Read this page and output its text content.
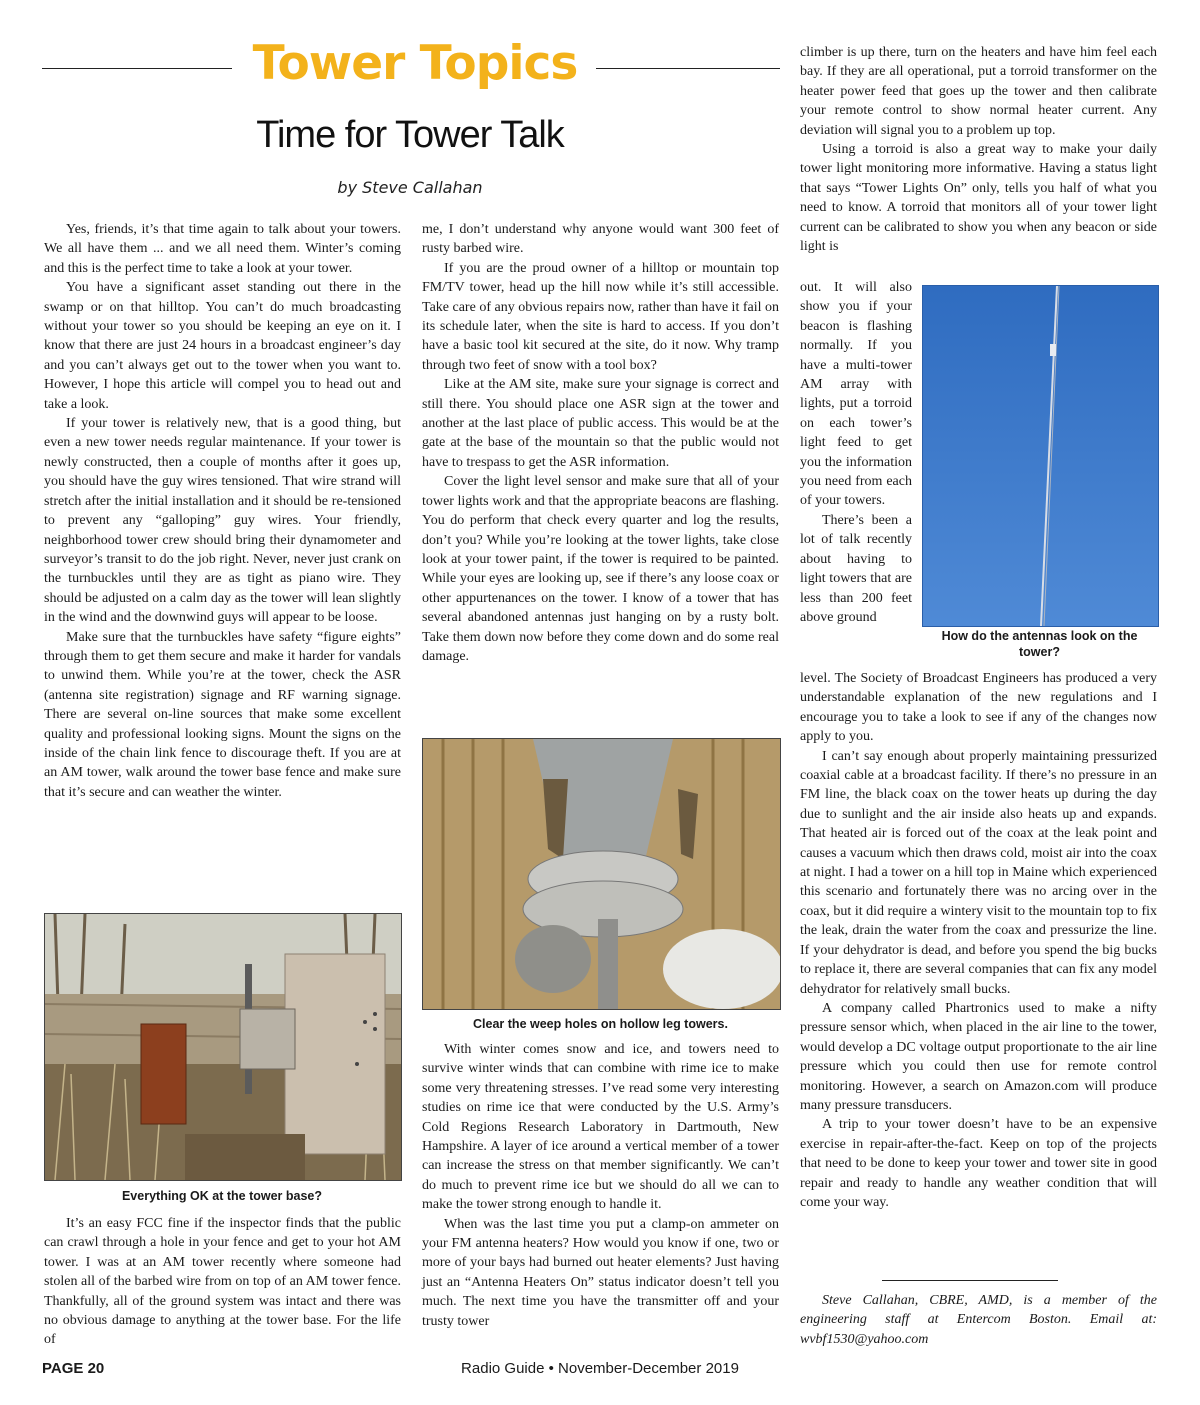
Tower Topics
Time for Tower Talk
by Steve Callahan

Yes, friends, it’s that time again to talk about your towers. We all have them ... and we all need them. Winter’s coming and this is the perfect time to take a look at your tower.

You have a significant asset standing out there in the swamp or on that hilltop. You can’t do much broadcasting without your tower so you should be keeping an eye on it. I know that there are just 24 hours in a broadcast engineer’s day and you can’t always get out to the tower when you want to. However, I hope this article will compel you to head out and take a look.

If your tower is relatively new, that is a good thing, but even a new tower needs regular maintenance. If your tower is newly constructed, then a couple of months after it goes up, you should have the guy wires tensioned. That wire strand will stretch after the initial installation and it should be re-tensioned to prevent any “galloping” guy wires. Your friendly, neighborhood tower crew should bring their dynamometer and surveyor’s transit to do the job right. Never, never just crank on the turnbuckles until they are as tight as piano wire. They should be adjusted on a calm day as the tower will lean slightly in the wind and the downwind guys will appear to be loose.

Make sure that the turnbuckles have safety “figure eights” through them to get them secure and make it harder for vandals to unwind them. While you’re at the tower, check the ASR (antenna site registration) signage and RF warning signage. There are several on-line sources that make some excellent quality and professional looking signs. Mount the signs on the inside of the chain link fence to discourage theft. If you are at an AM tower, walk around the tower base fence and make sure that it’s secure and can weather the winter.

Everything OK at the tower base?

It’s an easy FCC fine if the inspector finds that the public can crawl through a hole in your fence and get to your hot AM tower. I was at an AM tower recently where someone had stolen all of the barbed wire from on top of an AM tower fence. Thankfully, all of the ground system was intact and there was no obvious damage to anything at the tower base. For the life of

me, I don’t understand why anyone would want 300 feet of rusty barbed wire.

If you are the proud owner of a hilltop or mountain top FM/TV tower, head up the hill now while it’s still accessible. Take care of any obvious repairs now, rather than have it fail on its schedule later, when the site is hard to access. If you don’t have a basic tool kit secured at the site, do it now. Why tramp through two feet of snow with a tool box?

Like at the AM site, make sure your signage is correct and still there. You should place one ASR sign at the tower and another at the last place of public access. This would be at the gate at the base of the mountain so that the public would not have to trespass to get the ASR information.

Cover the light level sensor and make sure that all of your tower lights work and that the appropriate beacons are flashing. You do perform that check every quarter and log the results, don’t you? While you’re looking at the tower lights, take close look at your tower paint, if the tower is required to be painted. While your eyes are looking up, see if there’s any loose coax or other appurtenances on the tower. I know of a tower that has several abandoned antennas just hanging on by a rusty bolt. Take them down now before they come down and do some real damage.

Clear the weep holes on hollow leg towers.

With winter comes snow and ice, and towers need to survive winter winds that can combine with rime ice to make some very threatening stresses. I’ve read some very interesting studies on rime ice that were conducted by the U.S. Army’s Cold Regions Research Laboratory in Dartmouth, New Hampshire. A layer of ice around a vertical member of a tower can increase the stress on that member significantly. We can’t do much to prevent rime ice but we should do all we can to make the tower strong enough to handle it.

When was the last time you put a clamp-on ammeter on your FM antenna heaters? How would you know if one, two or more of your bays had burned out heater elements? Just having just an “Antenna Heaters On” status indicator doesn’t tell you much. The next time you have the transmitter off and your trusty tower

climber is up there, turn on the heaters and have him feel each bay. If they are all operational, put a torroid transformer on the heater power feed that goes up the tower and then calibrate your remote control to show normal heater current. Any deviation will signal you to a problem up top.

Using a torroid is also a great way to make your daily tower light monitoring more informative. Having a status light that says “Tower Lights On” only, tells you half of what you need to know. A torroid that monitors all of your tower light current can be calibrated to show you when any beacon or side light is

out. It will also show you if your beacon is flashing normally. If you have a multi-tower AM array with lights, put a torroid on each tower’s light feed to get you the information you need from each of your towers.

There’s been a lot of talk recently about having to light towers that are less than 200 feet above ground

How do the antennas look on the tower?

level. The Society of Broadcast Engineers has produced a very understandable explanation of the new regulations and I encourage you to take a look to see if any of the changes now apply to you.

I can’t say enough about properly maintaining pressurized coaxial cable at a broadcast facility. If there’s no pressure in an FM line, the black coax on the tower heats up during the day due to sunlight and the air inside also heats up and expands. That heated air is forced out of the coax at the leak point and causes a vacuum which then draws cold, moist air into the coax at night. I had a tower on a hill top in Maine which experienced this scenario and fortunately there was no arcing over in the coax, but it did require a wintery visit to the mountain top to fix the leak, drain the water from the coax and pressurize the line. If your dehydrator is dead, and before you spend the big bucks to replace it, there are several companies that can fix any model dehydrator for relatively small bucks.

A company called Phartronics used to make a nifty pressure sensor which, when placed in the air line to the tower, would develop a DC voltage output proportionate to the air line pressure which you could then use for remote control monitoring. However, a search on Amazon.com will produce many pressure transducers.

A trip to your tower doesn’t have to be an expensive exercise in repair-after-the-fact. Keep on top of the projects that need to be done to keep your tower and tower site in good repair and ready to handle any weather condition that will come your way.

Steve Callahan, CBRE, AMD, is a member of the engineering staff at Entercom Boston. Email at: wvbf1530@yahoo.com

PAGE 20	Radio Guide • November-December 2019
